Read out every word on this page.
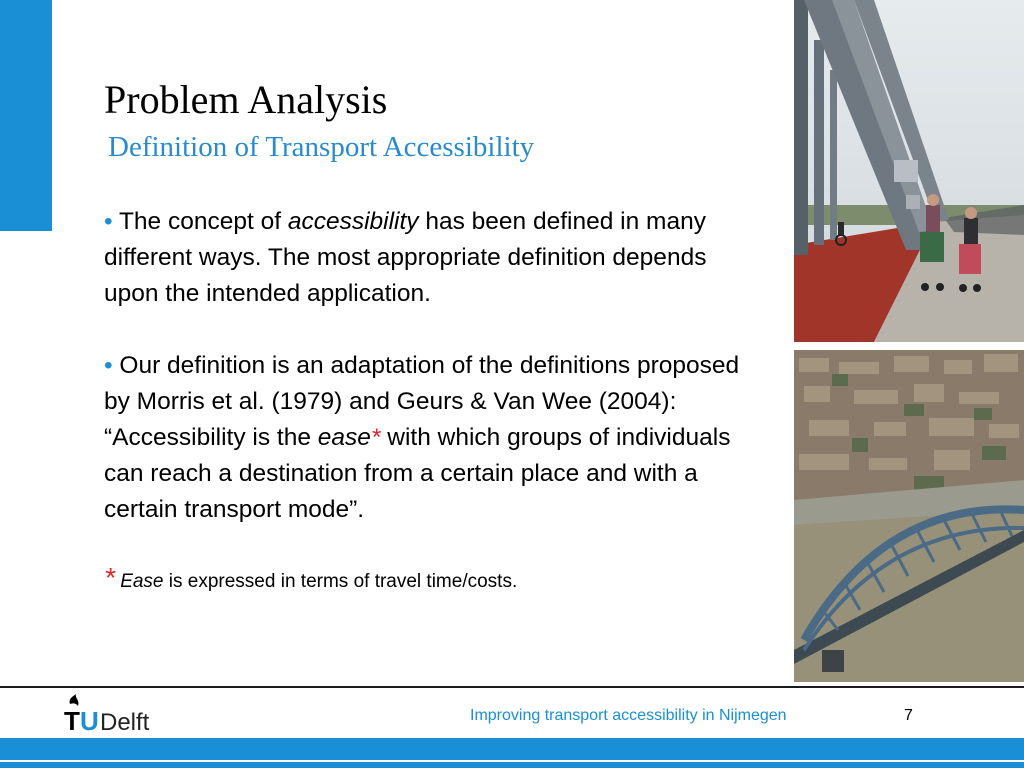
Problem Analysis
Definition of Transport Accessibility

• The concept of accessibility has been defined in many different ways. The most appropriate definition depends upon the intended application.

• Our definition is an adaptation of the definitions proposed by Morris et al. (1979) and Geurs & Van Wee (2004): “Accessibility is the ease* with which groups of individuals can reach a destination from a certain place and with a certain transport mode”.

* Ease is expressed in terms of travel time/costs.
T U Delft	Improving transport accessibility in Nijmegen	7
